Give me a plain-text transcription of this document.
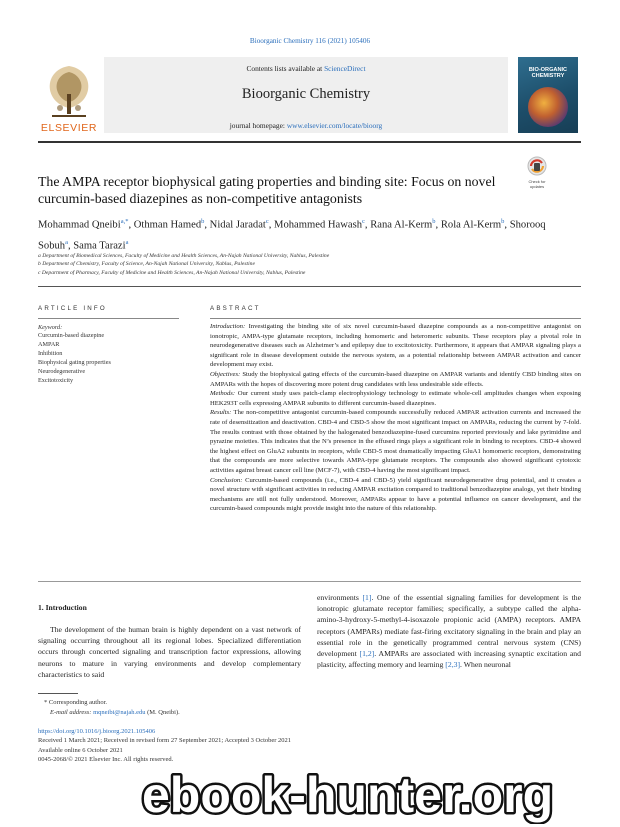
Bioorganic Chemistry 116 (2021) 105406
ELSEVIER
Contents lists available at ScienceDirect
Bioorganic Chemistry
journal homepage: www.elsevier.com/locate/bioorg
BIO-ORGANIC
CHEMISTRY
Check for
updates
The AMPA receptor biophysical gating properties and binding site: Focus on novel curcumin-based diazepines as non-competitive antagonists
Mohammad Qneibi$^{a,*}$, Othman Hamed$^b$, Nidal Jaradat$^c$, Mohammed Hawash$^c$, Rana Al-Kerm$^b$, Rola Al-Kerm$^b$, Shorooq Sobuh$^a$, Sama Tarazi$^a$
a Department of Biomedical Sciences, Faculty of Medicine and Health Sciences, An-Najah National University, Nablus, Palestine
b Department of Chemistry, Faculty of Science, An-Najah National University, Nablus, Palestine
c Department of Pharmacy, Faculty of Medicine and Health Sciences, An-Najah National University, Nablus, Palestine
ARTICLE INFO
Keyword:
Curcumin-based diazepine
AMPAR
Inhibition
Biophysical gating properties
Neurodegenerative
Excitotoxicity
ABSTRACT

Introduction: Investigating the binding site of six novel curcumin-based diazepine compounds as a non-competitive antagonist on ionotropic, AMPA-type glutamate receptors, including homomeric and heteromeric subunits. These receptors play a pivotal role in neurodegenerative diseases such as Alzheimer’s and epilepsy due to excitotoxicity. Furthermore, it appears that AMPAR signaling plays a significant role in disease development outside the nervous system, as a potential relationship between AMPAR activation and cancer development may exist.

Objectives: Study the biophysical gating effects of the curcumin-based diazepine on AMPAR variants and identify CBD binding sites on AMPARs with the hopes of discovering more potent drug candidates with less undesirable side effects.

Methods: Our current study uses patch-clamp electrophysiology technology to estimate whole-cell amplitudes changes when exposing HEK293T cells expressing AMPAR subunits to different curcumin-based diazepines.

Results: The non-competitive antagonist curcumin-based compounds successfully reduced AMPAR activation currents and increased the rate of desensitization and deactivation. CBD-4 and CBD-5 show the most significant impact on AMPARs, reducing the current by 7-fold. The results contrast with those obtained by the halogenated benzodiazepine-fused curcumins reported previously and lake pyrimidine and pyrazine moieties. This indicates that the N’s presence in the effused rings plays a significant role in binding to receptors. CBD-4 showed the highest effect on GluA2 subunits in receptors, while CBD-5 most dramatically impacting GluA1 homomeric receptors, demonstrating that the compounds are more selective towards AMPA-type glutamate receptors. The compounds also showed significant cytotoxic activities against breast cancer cell line (MCF-7), with CBD-4 having the most significant impact.

Conclusion: Curcumin-based compounds (i.e., CBD-4 and CBD-5) yield significant neurodegenerative drug potential, and it creates a novel structure with significant activities in reducing AMPAR excitation compared to traditional benzodiazepine analogs, yet their binding mechanisms are still not fully understood. Moreover, AMPARs appear to have a potential influence on cancer development, and the curcumin-based compounds might provide insight into the nature of this relationship.

1. Introduction
The development of the human brain is highly dependent on a vast network of signaling occurring throughout all its regional lobes. Specialized differentiation occurs through concerted signaling and transcription factor expressions, allowing neurons to mature in varying environments and develop complementary characteristics to said
environments [1]. One of the essential signaling families for development is the ionotropic glutamate receptor families; specifically, a subtype called the alpha-amino-3-hydroxy-5-methyl-4-isoxazole propionic acid (AMPA) receptors. AMPA receptors (AMPARs) mediate fast-firing excitatory signaling in the brain and play an essential role in the genetically programmed central nervous system (CNS) development [1,2]. AMPARs are associated with increasing synaptic excitation and plasticity, affecting memory and learning [2,3]. When neuronal
* Corresponding author.
E-mail address: mqneibi@najah.edu (M. Qneibi).
https://doi.org/10.1016/j.bioorg.2021.105406
Received 1 March 2021; Received in revised form 27 September 2021; Accepted 3 October 2021
Available online 6 October 2021
0045-2068/© 2021 Elsevier Inc. All rights reserved.
ebook-hunter.org
